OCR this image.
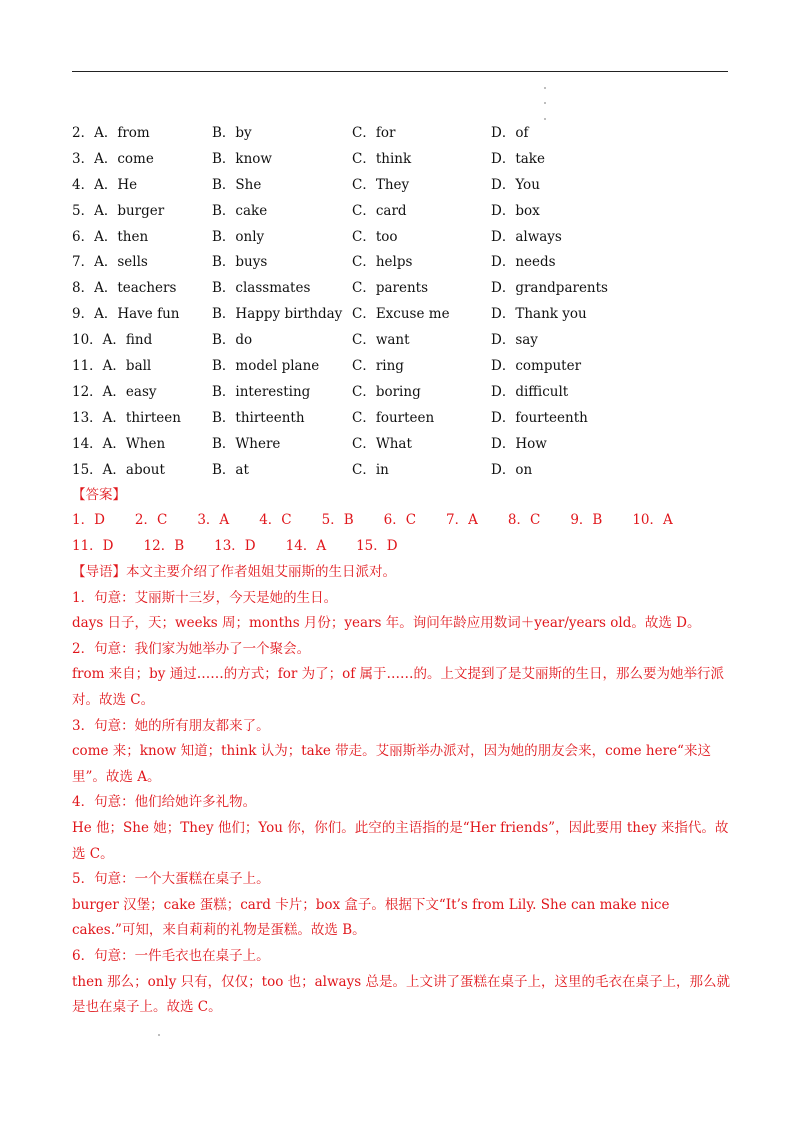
2．A．from	B．by	C．for	D．of
3．A．come	B．know	C．think	D．take
4．A．He	B．She	C．They	D．You
5．A．burger	B．cake	C．card	D．box
6．A．then	B．only	C．too	D．always
7．A．sells	B．buys	C．helps	D．needs
8．A．teachers	B．classmates	C．parents	D．grandparents
9．A．Have fun B．Happy birthday C．Excuse me	D．Thank you
10．A．find	B．do	C．want	D．say
11．A．ball	B．model plane C．ring	D．computer
12．A．easy	B．interesting	C．boring	D．difficult
13．A．thirteen B．thirteenth	C．fourteen	D．fourteenth
14．A．When	B．Where	C．What	D．How
15．A．about	B．at	C．in	D．on
【答案】
1．D 2．C 3．A 4．C 5．B 6．C 7．A 8．C 9．B 10．A
11．D 12．B 13．D 14．A 15．D

【导语】本文主要介绍了作者姐姐艾丽斯的生日派对。

1．句意：艾丽斯十三岁，今天是她的生日。

days 日子，天；weeks 周；months 月份；years 年。询问年龄应用数词＋year/years old。故选 D。

2．句意：我们家为她举办了一个聚会。

from 来自；by 通过……的方式；for 为了；of 属于……的。上文提到了是艾丽斯的生日，那么要为她举行派对。故选 C。

3．句意：她的所有朋友都来了。

come 来；know 知道；think 认为；take 带走。艾丽斯举办派对，因为她的朋友会来，come here“来这里”。故选 A。

4．句意：他们给她许多礼物。

He 他；She 她；They 他们；You 你，你们。此空的主语指的是“Her friends”，因此要用 they 来指代。故选 C。

5．句意：一个大蛋糕在桌子上。

burger 汉堡；cake 蛋糕；card 卡片；box 盒子。根据下文“It’s from Lily. She can make nice cakes.”可知，来自莉莉的礼物是蛋糕。故选 B。

6．句意：一件毛衣也在桌子上。

then 那么；only 只有，仅仅；too 也；always 总是。上文讲了蛋糕在桌子上，这里的毛衣在桌子上，那么就是也在桌子上。故选 C。
